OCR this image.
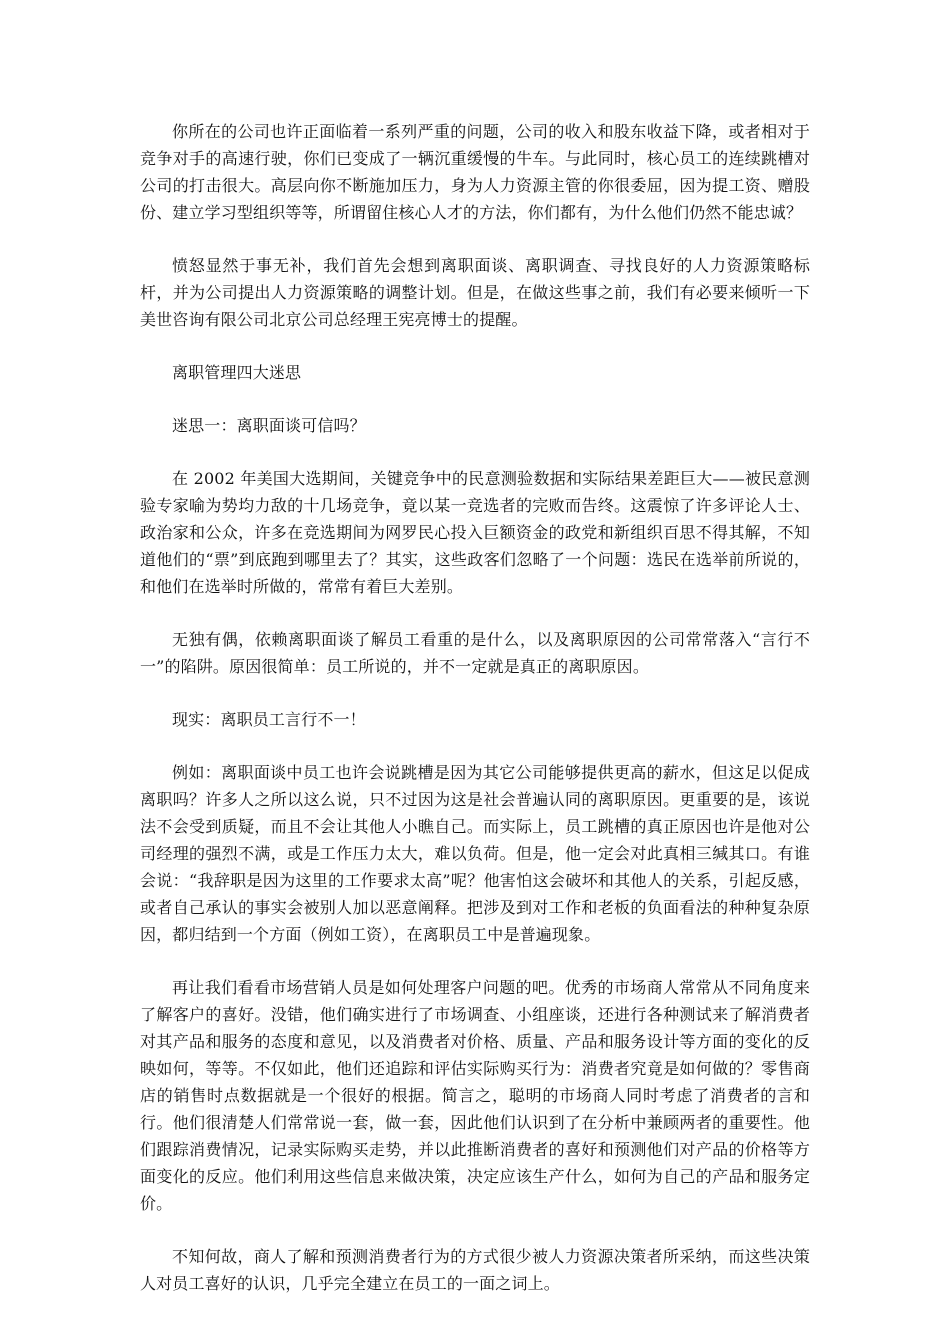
你所在的公司也许正面临着一系列严重的问题，公司的收入和股东收益下降，或者相对于竞争对手的高速行驶，你们已变成了一辆沉重缓慢的牛车。与此同时，核心员工的连续跳槽对公司的打击很大。高层向你不断施加压力，身为人力资源主管的你很委屈，因为提工资、赠股份、建立学习型组织等等，所谓留住核心人才的方法，你们都有，为什么他们仍然不能忠诚？

愤怒显然于事无补，我们首先会想到离职面谈、离职调查、寻找良好的人力资源策略标杆，并为公司提出人力资源策略的调整计划。但是，在做这些事之前，我们有必要来倾听一下美世咨询有限公司北京公司总经理王宪亮博士的提醒。

离职管理四大迷思

迷思一：离职面谈可信吗？

在 2002 年美国大选期间，关键竞争中的民意测验数据和实际结果差距巨大——被民意测验专家喻为势均力敌的十几场竞争，竟以某一竞选者的完败而告终。这震惊了许多评论人士、政治家和公众，许多在竞选期间为网罗民心投入巨额资金的政党和新组织百思不得其解，不知道他们的“票”到底跑到哪里去了？其实，这些政客们忽略了一个问题：选民在选举前所说的，和他们在选举时所做的，常常有着巨大差别。

无独有偶，依赖离职面谈了解员工看重的是什么，以及离职原因的公司常常落入“言行不一”的陷阱。原因很简单：员工所说的，并不一定就是真正的离职原因。

现实：离职员工言行不一！

例如：离职面谈中员工也许会说跳槽是因为其它公司能够提供更高的薪水，但这足以促成离职吗？许多人之所以这么说，只不过因为这是社会普遍认同的离职原因。更重要的是，该说法不会受到质疑，而且不会让其他人小瞧自己。而实际上，员工跳槽的真正原因也许是他对公司经理的强烈不满，或是工作压力太大，难以负荷。但是，他一定会对此真相三缄其口。有谁会说：“我辞职是因为这里的工作要求太高”呢？他害怕这会破坏和其他人的关系，引起反感，或者自己承认的事实会被别人加以恶意阐释。把涉及到对工作和老板的负面看法的种种复杂原因，都归结到一个方面（例如工资），在离职员工中是普遍现象。

再让我们看看市场营销人员是如何处理客户问题的吧。优秀的市场商人常常从不同角度来了解客户的喜好。没错，他们确实进行了市场调查、小组座谈，还进行各种测试来了解消费者对其产品和服务的态度和意见，以及消费者对价格、质量、产品和服务设计等方面的变化的反映如何，等等。不仅如此，他们还追踪和评估实际购买行为：消费者究竟是如何做的？零售商店的销售时点数据就是一个很好的根据。简言之，聪明的市场商人同时考虑了消费者的言和行。他们很清楚人们常常说一套，做一套，因此他们认识到了在分析中兼顾两者的重要性。他们跟踪消费情况，记录实际购买走势，并以此推断消费者的喜好和预测他们对产品的价格等方面变化的反应。他们利用这些信息来做决策，决定应该生产什么，如何为自己的产品和服务定价。

不知何故，商人了解和预测消费者行为的方式很少被人力资源决策者所采纳，而这些决策人对员工喜好的认识，几乎完全建立在员工的一面之词上。
